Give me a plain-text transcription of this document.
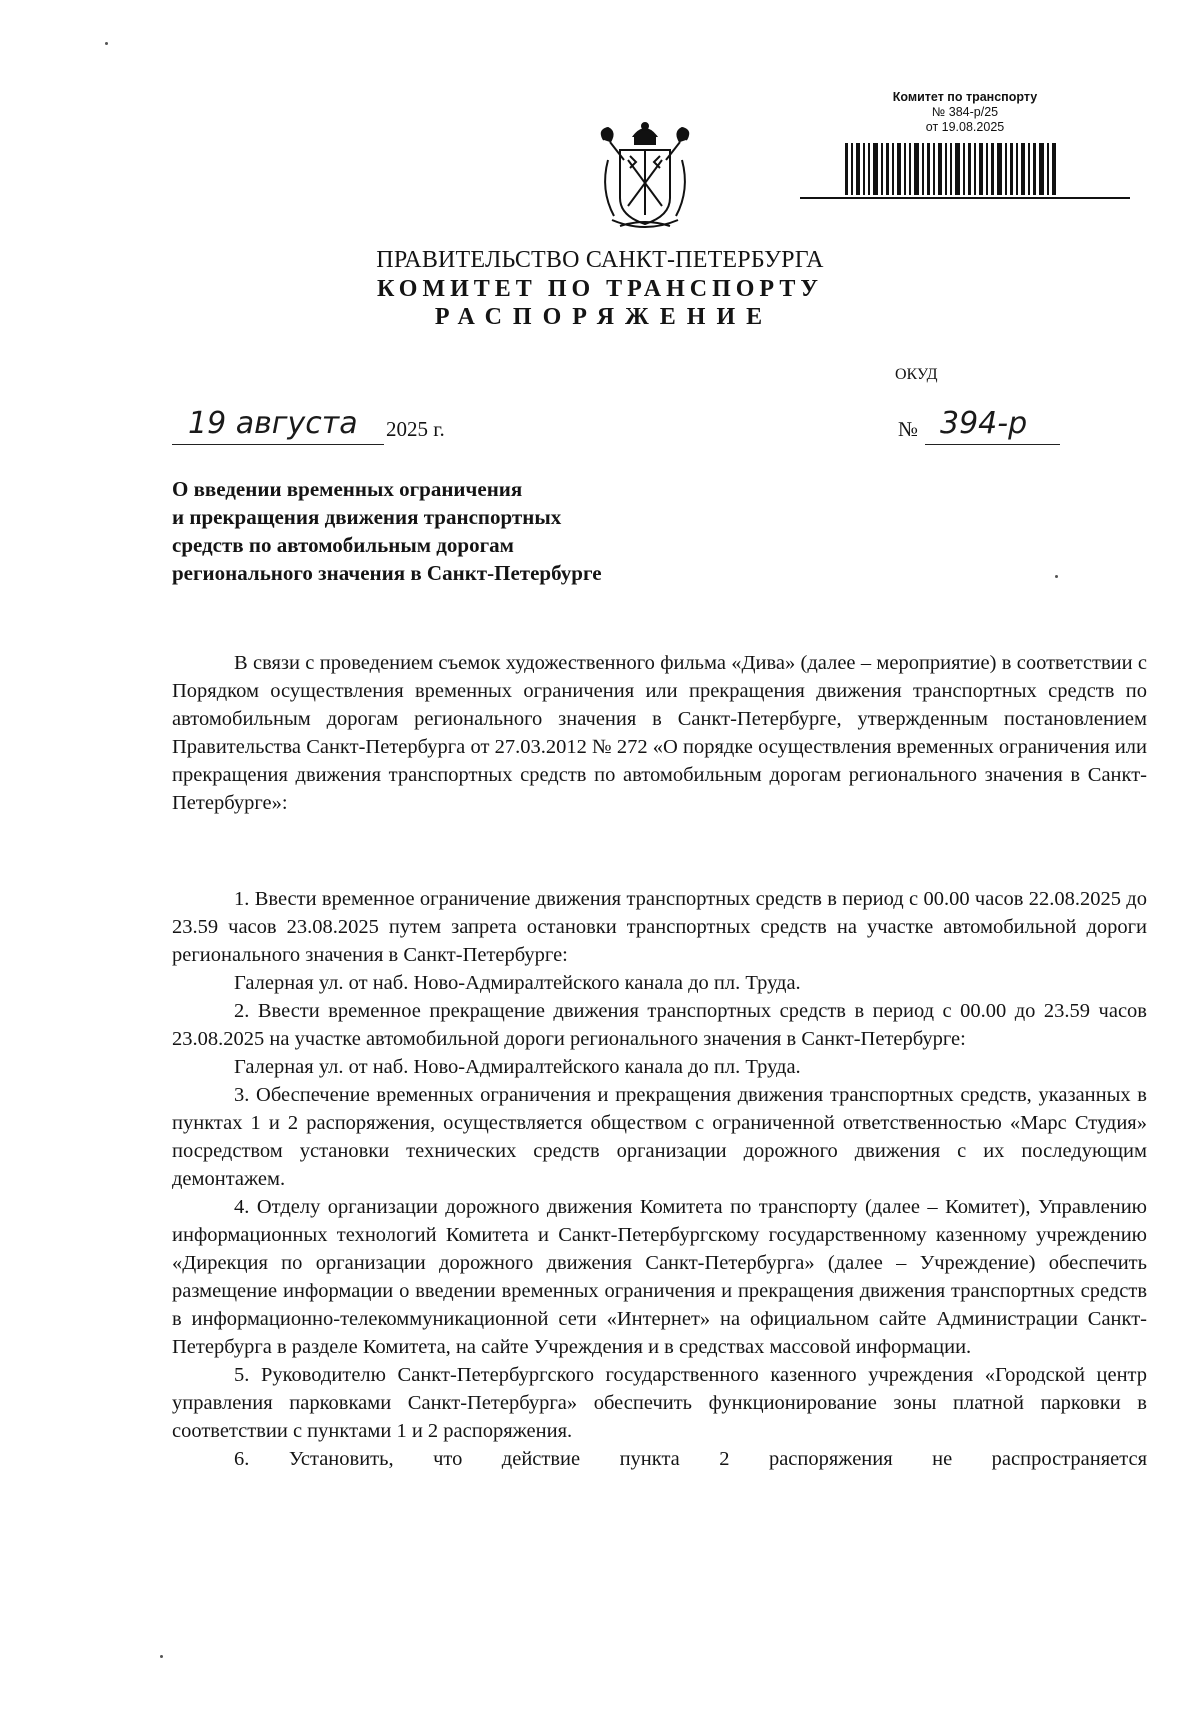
Комитет по транспорту
№ 384-р/25
от 19.08.2025
ПРАВИТЕЛЬСТВО САНКТ-ПЕТЕРБУРГА
КОМИТЕТ ПО ТРАНСПОРТУ
РАСПОРЯЖЕНИЕ
ОКУД
19 августа 2025 г.	№ 394-р
О введении временных ограничения
и прекращения движения транспортных
средств по автомобильным дорогам
регионального значения в Санкт-Петербурге

В связи с проведением съемок художественного фильма «Дива» (далее – мероприятие) в соответствии с Порядком осуществления временных ограничения или прекращения движения транспортных средств по автомобильным дорогам регионального значения в Санкт-Петербурге, утвержденным постановлением Правительства Санкт-Петербурга от 27.03.2012 № 272 «О порядке осуществления временных ограничения или прекращения движения транспортных средств по автомобильным дорогам регионального значения в Санкт-Петербурге»:

1. Ввести временное ограничение движения транспортных средств в период с 00.00 часов 22.08.2025 до 23.59 часов 23.08.2025 путем запрета остановки транспортных средств на участке автомобильной дороги регионального значения в Санкт-Петербурге:

Галерная ул. от наб. Ново-Адмиралтейского канала до пл. Труда.

2. Ввести временное прекращение движения транспортных средств в период с 00.00 до 23.59 часов 23.08.2025 на участке автомобильной дороги регионального значения в Санкт-Петербурге:

Галерная ул. от наб. Ново-Адмиралтейского канала до пл. Труда.

3. Обеспечение временных ограничения и прекращения движения транспортных средств, указанных в пунктах 1 и 2 распоряжения, осуществляется обществом с ограниченной ответственностью «Марс Студия» посредством установки технических средств организации дорожного движения с их последующим демонтажем.

4. Отделу организации дорожного движения Комитета по транспорту (далее – Комитет), Управлению информационных технологий Комитета и Санкт-Петербургскому государственному казенному учреждению «Дирекция по организации дорожного движения Санкт-Петербурга» (далее – Учреждение) обеспечить размещение информации о введении временных ограничения и прекращения движения транспортных средств в информационно-телекоммуникационной сети «Интернет» на официальном сайте Администрации Санкт-Петербурга в разделе Комитета, на сайте Учреждения и в средствах массовой информации.

5. Руководителю Санкт-Петербургского государственного казенного учреждения «Городской центр управления парковками Санкт-Петербурга» обеспечить функционирование зоны платной парковки в соответствии с пунктами 1 и 2 распоряжения.

6. Установить, что действие пункта 2 распоряжения не распространяется
